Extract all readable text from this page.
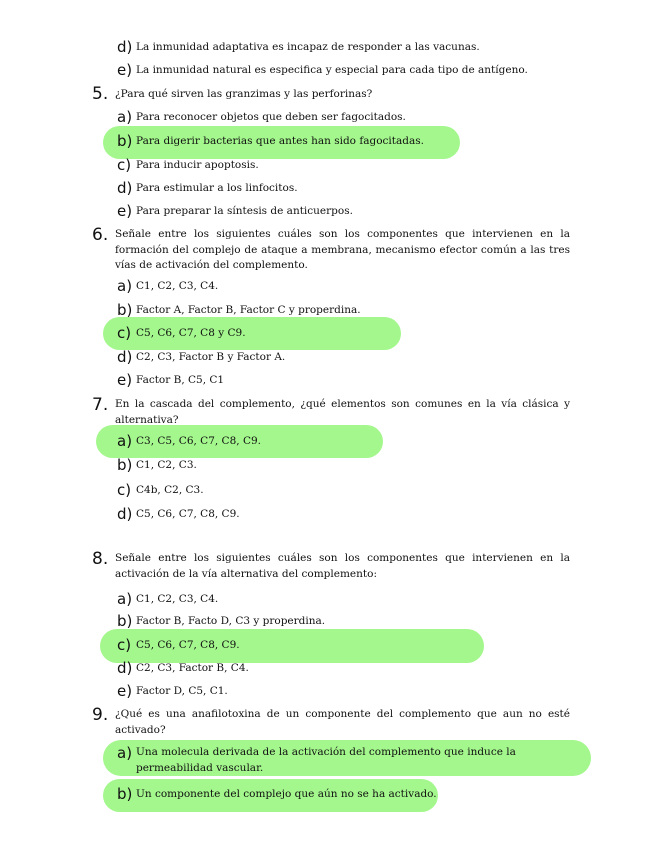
d) La inmunidad adaptativa es incapaz de responder a las vacunas.
e) La inmunidad natural es especifica y especial para cada tipo de antígeno.
5. ¿Para qué sirven las granzimas y las perforinas?
a) Para reconocer objetos que deben ser fagocitados.
b) Para digerir bacterias que antes han sido fagocitadas.
c) Para inducir apoptosis.
d) Para estimular a los linfocitos.
e) Para preparar la síntesis de anticuerpos.
6. Señale entre los siguientes cuáles son los componentes que intervienen en la formación del complejo de ataque a membrana, mecanismo efector común a las tres vías de activación del complemento.
a) C1, C2, C3, C4.
b) Factor A, Factor B, Factor C y properdina.
c) C5, C6, C7, C8 y C9.
d) C2, C3, Factor B y Factor A.
e) Factor B, C5, C1
7. En la cascada del complemento, ¿qué elementos son comunes en la vía clásica y alternativa?
a) C3, C5, C6, C7, C8, C9.
b) C1, C2, C3.
c) C4b, C2, C3.
d) C5, C6, C7, C8, C9.
8. Señale entre los siguientes cuáles son los componentes que intervienen en la activación de la vía alternativa del complemento:
a) C1, C2, C3, C4.
b) Factor B, Facto D, C3 y properdina.
c) C5, C6, C7, C8, C9.
d) C2, C3, Factor B, C4.
e) Factor D, C5, C1.
9. ¿Qué es una anafilotoxina de un componente del complemento que aun no esté activado?
a) Una molecula derivada de la activación del complemento que induce la permeabilidad vascular.
b) Un componente del complejo que aún no se ha activado.
